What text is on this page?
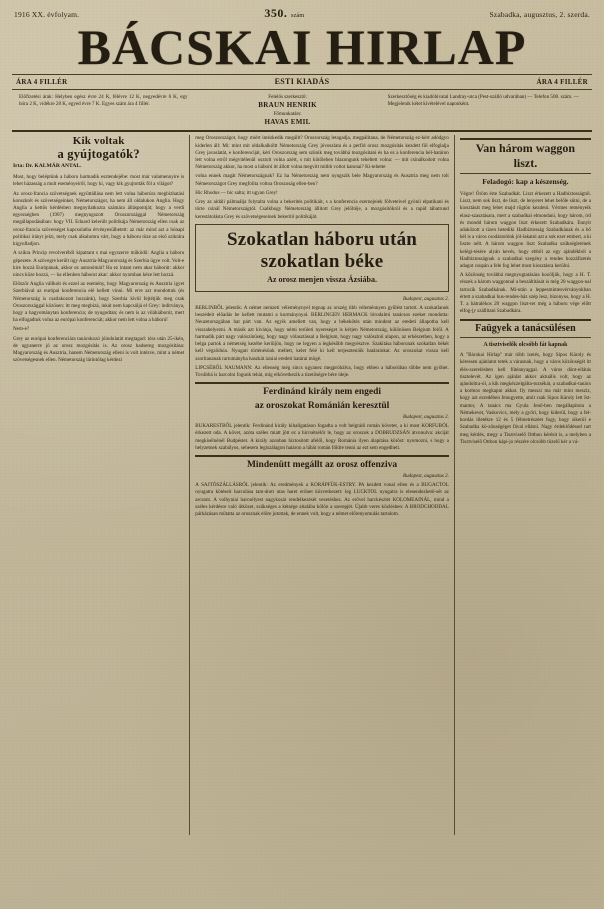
1916 XX. évfolyam.	350. szám	Szabadka, augusztus, 2. szerda.
BÁCSKAI HIRLAP
ÁRA 4 FILLÉR	ESTI KIADÁS	ÁRA 4 FILLÉR
Előfizetési árak: Helyben egész évre 24 K, félévre 12 K, negyedévre 6 K, egy hóra 2 K, vidékre 28 K, egyed évre 7 K. Egyes szám ára 4 fillér.
Felelős szerkesztő:
BRAUN HENRIK
Főmunkatárs:
HAVAS EMIL
Szerkesztőség és kiadóhivatal Landray-utca (Pest-szálló udvarában) — Telefon 508. szám. — Megjelenik kétet kivételével naponként.
Kik voltak
a gyújtogatók?
Irta: Dr. KALMÁR ANTAL.

Most, hogy beléptünk a háboru harmadik esztendejébe: most már valamennyire is lehet házasság a mult eseményeiről, hogy ki, vagy kik gyujtották föl a világot?

Az orosz-francia szövetségnek együttállása nem lett volna háborúra megbizhatási konszkrét és szövetségeinket, Németországot, ha nem áll oldalukon Anglia. Hogy Anglia a kettős kérdésben megnyilatkozta számára álláspontját; hogy a verdi egyezségben (1907) megnyugszott Oroszországgal Németország megállapodásában: hogy VII. Eduard kelerült politikája Németország ellen csak az orosz-francia szövetséget kapcsolatba érvényesülhetett: az már mind azt a hónapi politikai irányt jelzi, mely csak alkalomra várt, hogy a háboru tüze az első szikrára kigyulladjon.

A szikra Princip revolveréből kipattant s mai egyszerre működő: Anglia a háboru gépezete. A szövegre került úgy Ausztria-Magyarország és Szerbia ügye volt. Volt-e kire hozzá Európának, akkor ez autonómát? Ha ez intant nem akar háborút: akkor nincs köze hozzá, — ha ellenben háborut akar: akkor nyomban kéze lett hozzá.

Először Anglia vállkolt és ezzel az esemény, hogy Magyarország és Ausztria igyet Szerbiával az európai konferencia elé kellett vinni. Mi erre azt mondottuk (és Németország is csatlakozott hozzánk), hogy Szerbia kivül fejtétjük meg csak Oroszországgal közösen: itt meg megbizá, inkát nem kapcsáljá el Grey: inditványa, hogy a hagyománytan konferencia; de nyugodtan; és nem is az viláhiáborút, mert ha elfogadtuk volna az európai konferenciát; akkor nem lett volna a háború!

Nem-e?

Grey az európai konferenciára tanácskozó jóindulatát megtagad: tóra után 25-ikén, de ugyanerre jó az orosz mozgósítás is. Az orosz hadsereg mozgósítása: Magyarország és Ausztria, hanem Németország elleni is volt intézve, mint a német szövetségesnek ellen. Németország lárintólag kérdezi

meg Oroszországot, hogy miért intézkedik megállt? Oroszország letagadja, megpálítana, de Németország ez-kért adódgyo kiderlen áll: Mi: mint mit oldalkalkóltt Németország Grey jóvoszlata és a perfid orosz mozgósítás kezdett föl elfoglalja Grey javaslatát, e konferenciját, kéri Oroszország sem szünik meg továbbá mozgósítani és ha ez a konferencia bél-határon lett volna erről mégvitélenül osztolt volna azért, s mit kötöleben blazongunk teheltett volna: — mit csinálkodott volna Németország akkor, ha most a háború itt állott volna megvitt mitbb voltot katonai? Ki-tehette

volna ennek magát Németországnak? Ez ha Németország nem nyugszik bele Magyarország és Ausztria meg nem tolt Németországot Grey megfolita voltoa Oroszoság ellen-ben?

Hic Rhodus — bic salta; itt ugyan Grey!

Grey az aldáli pálmaálja folytalta volna a bekerités politikáit, s a konferencia ezernejeiek fölveteivel gyönii elpatikani és törte csinál Németországtól. Csalkhogy Németország állított Grey jelöltéje, a mozgósítókról és a rapid tábatrund kerestátolásta Grey és szövetségeseinek bekerítő politikáját.

Szokatlan háboru után
szokatlan béke
Az orosz menjen vissza Ázsiába.
Budapest, augusztus 2.

BERLINBŐL jelentik: A német nemzeti véleménynyel tegnap az orszég tibb véleménnyen gyűlést tartott. A szokatlanok beszédeit előadás be kellett mutatni a kormánynyal. BERLINGEN HERMACK bírodalmi tanácsos ezeket mondotta: Neuzetorszgában hat párt van. Az egyik amellett van, hogy a békekötés után mindent az eredeti állapotba kell visszahelyezni. A másik azt kivánja, hogy némi területi nyereséget is kérjen Németország, különösen Belgium felől. A harmadik párt nagy valószínűség, hogy nagy vólasztással a Belgium, hogy nagy valószinű alapon, az erkészetben, hogy a belga partok a németség kezébe kerüljön, hogy ne legyen a legkésőbb megyésztve. Szakítása háborunak szokatlan békét kell végződnia. Nyugati történésünk mellett, kelet felé ki kell terjeszteniük határainkat. Az oroszokat vissza kell szorítananak tartományba haszkát ázsiai eredeti határai mögé.

LIPCSÉBŐL NAUMANN: Az ellenség még sincs ugyanez megpróbálva, hogy ebben a háborúban többe nem gyöhet. Továbbá is harcolni fogunk tehát, míg elkövetkezik a tizetőségre bére ideje.

Ferdinánd király nem engedi
az oroszokat Románián keresztül
Budapest, augusztus 2.

BUKARESTBŐL jelentik: Ferdinánd király kihallgatáson fogadta a volt belgrádi román követet, a ki most KORFUBÓL érkezett oda. A követ, azóta széles miatt jött ez a hírcsétsélőr le, hogy az oroszok a DOBRUDZSÁN átvonulva: akciját megkísélnénél Budpéstet. A király azonban biztosított afelől, hogy Románia ilyen álapítása köröst: nyomozni, s hogy a helyzetnek szabályos, sehesem legiszálagon határon a lábát román földre tenni az ezt sem engedheti.

Mindenütt megállt az orosz offenziva
Budapest, augusztus 2.

A SAJTÓSZÁLLÁSRÓL jelentik: Az eredmények a KORÁPFÜK-ESTRY. PA kezdett vonal ellen és a BUGACTOL nyugatra kötéseit harcolása tam-átott utas haret erőnet közvetkezett: leg LUCKTOL nyugatra is elesendezhető-sét az arcsont. A volhyniai harcsélyest nagykosár rendelkezését vezetéshez. Az erővel harckészlet KOLOMEAINÁL, mind a széles kérdésre való ütközet, szükséges a kétsége altalába kölön a szerepjét. Újabb veres közlésben: A BRODCHODDAL párkázásan mütatta az orosznak előre jutottak, de ennek volt, hogy a német előrenyomulás tartalom.

Van három waggon
liszt.
Feladogó: kap a készenség.

Végre! Öröm érte Szabadkát. Liszt érkezett a Hadbiztosságtól. Liszt, nem sok liszt, de liszt, de lenyeret lehet belőle sütni, de a kiosztását meg lehet majd rögtön kezdeni. Vérmes reményeik elasz-szasztásara, mert a szabadkai elmondani, hogy három, írd és mondd hárum waggon liszt érkezett Szabadkára. Ennyit adaközott a tizen hetediki Hadbiztosság Szabadkának és a bő bél is a város csodástolónk jól-lakatni azt a sok ezer embert, a ki liszte nélt. A három waggon liszt Szabadka szükségletének kelégi-tésére alyán kevés, hogy ebből az egy ajándékból a Hadbiztosságnak a szabadkai szegény a rendes hozzáfizetés adagot csupán a fele fog lehet most kiosztásra kerülni.

A kőzönség továbbá megnyugtatására kozöljük, hogy a H. T. részek a három waggonnal a beszáltítását is még 20 waggon-nal tartozik Szabadkának. Mi-után a leppesmintesvérványokban értett a szabadkai hus-rendes-ház szép lesz, bizonyos, hogy a H. T. a hátralékos 20 waggon liszt-tet még a háboru vége előtt elfog-jy szállitani Szabadkára.

Faügyek a tanácsülésen
A tisztviselők olcsóbb fát kapnak

A "Bácskai Hirlap" már több izetés, hogy Sipos Károly és kéressen ajánlatot tetek a várasnak, hogy a város közönségét itt élés-szerelésben kell fűtéanyaggal. A város dönt-ellátás tisztelevét. Az igen ajánlat akkor aktuális volt, hogy az ajándoltra-ól, a kik megkézzelgálta-tozsékát, a szabadkai-tanács a kormos megkapni akkat. Ily messzi ma már mint mesziz, hogy azt ezredében fenugyette, amit csak Sipos Károly lett Ist-mantor, A tanács ma Gyula Jenő-ben megállapitota a Némekevet, Vaskovics, mely a győri, hogy kiderül, hogy a fel-hordás illetékre 12 és 5 félmetrészéet fogy, hogy sikerül e Szabadka kö-zönségéget fával ellátni. Nagy érdeklődéssel tart meg kérdés, megy a Tisztviselő Otthon kérésit is, a melyben a Tisztviselő Otthon kápi-jo részére olcsóbb tüzelő kér a vá-
